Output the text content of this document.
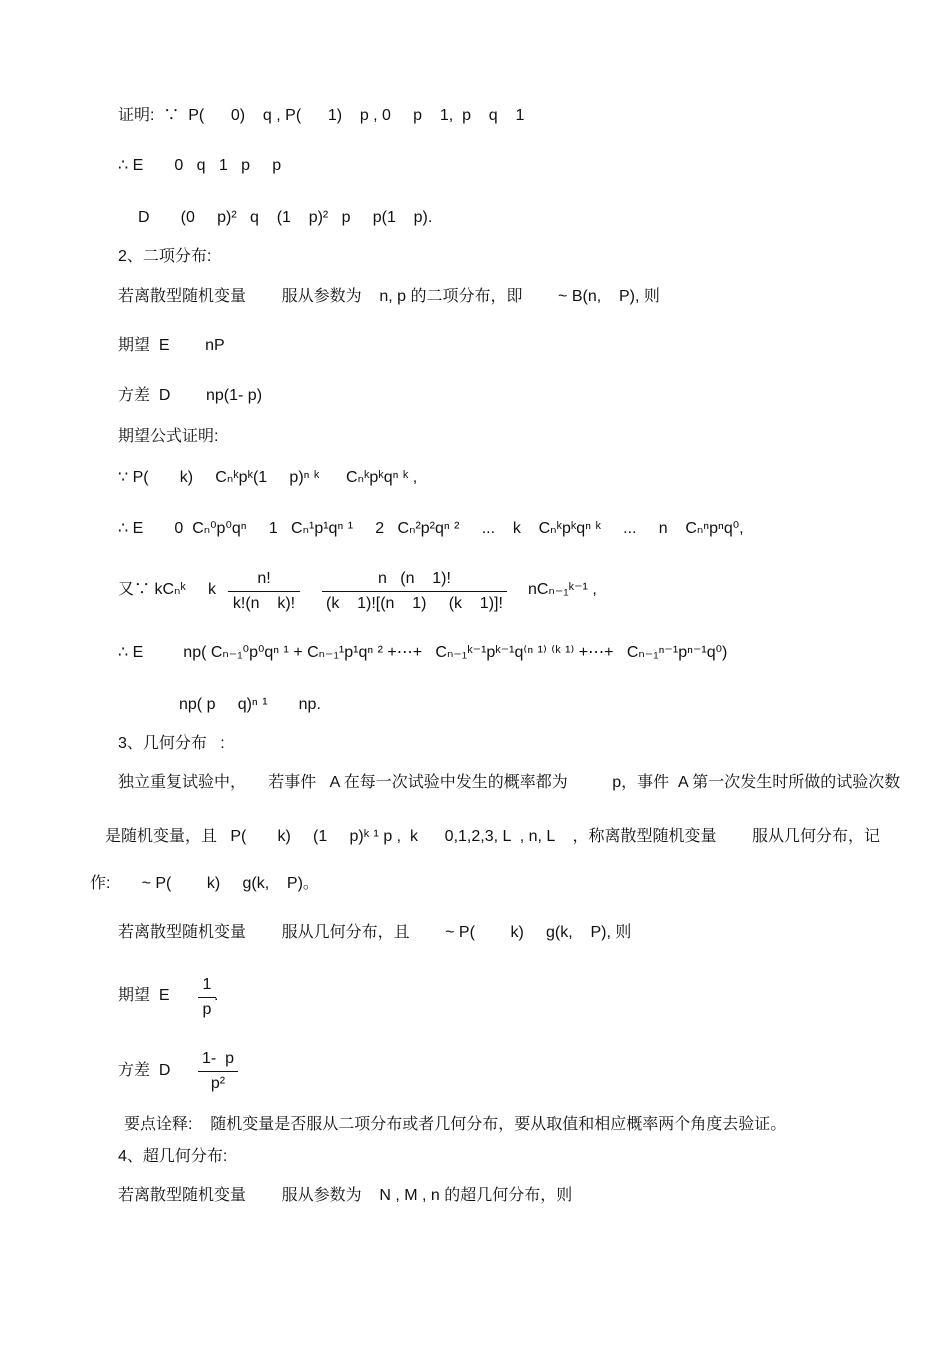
证明:  ∵  P(      0)    q , P(      1)    p , 0     p    1,  p    q    1
∴ E       0   q   1   p     p
D       (0     p)²   q    (1    p)²   p     p(1    p).
2、二项分布:
若离散型随机变量        服从参数为    n, p 的二项分布，即        ~ B(n,    P), 则
期望  E        nP
方差  D        np(1- p)
期望公式证明:
∵ P(       k)     Cₙᵏpᵏ(1     p)ⁿ ᵏ      Cₙᵏpᵏqⁿ ᵏ ,
∴ E       0  Cₙ⁰p⁰qⁿ     1   Cₙ¹p¹qⁿ ¹     2   Cₙ²p²qⁿ ²     ...    k    Cₙᵏpᵏqⁿ ᵏ     ...     n    Cₙⁿpⁿq⁰,
又∵ kCₙᵏ     k	nCₙ₋₁ᵏ⁻¹ ,
∴ E         np( Cₙ₋₁⁰p⁰qⁿ ¹ + Cₙ₋₁¹p¹qⁿ ² +⋯+   Cₙ₋₁ᵏ⁻¹pᵏ⁻¹q⁽ⁿ ¹⁾ ⁽ᵏ ¹⁾ +⋯+   Cₙ₋₁ⁿ⁻¹pⁿ⁻¹q⁰)
np( p     q)ⁿ ¹       np.
3、几何分布   :
独立重复试验中，     若事件   A 在每一次试验中发生的概率都为          p，事件  A 第一次发生时所做的试验次数
是随机变量，且   P(       k)     (1     p)ᵏ ¹ p ,  k      0,1,2,3, L  , n, L    ，称离散型随机变量        服从几何分布，记
作:       ~ P(        k)     g(k,    P)。
若离散型随机变量        服从几何分布，且        ~ P(        k)     g(k,    P), 则
期望  E	.
方差  D
要点诠释:    随机变量是否服从二项分布或者几何分布，要从取值和相应概率两个角度去验证。
4、超几何分布:
若离散型随机变量        服从参数为    N , M , n 的超几何分布，则
n!
k!(n    k)!
n   (n    1)!
(k    1)![(n    1)     (k    1)]!
1
p
1-  p
p²
